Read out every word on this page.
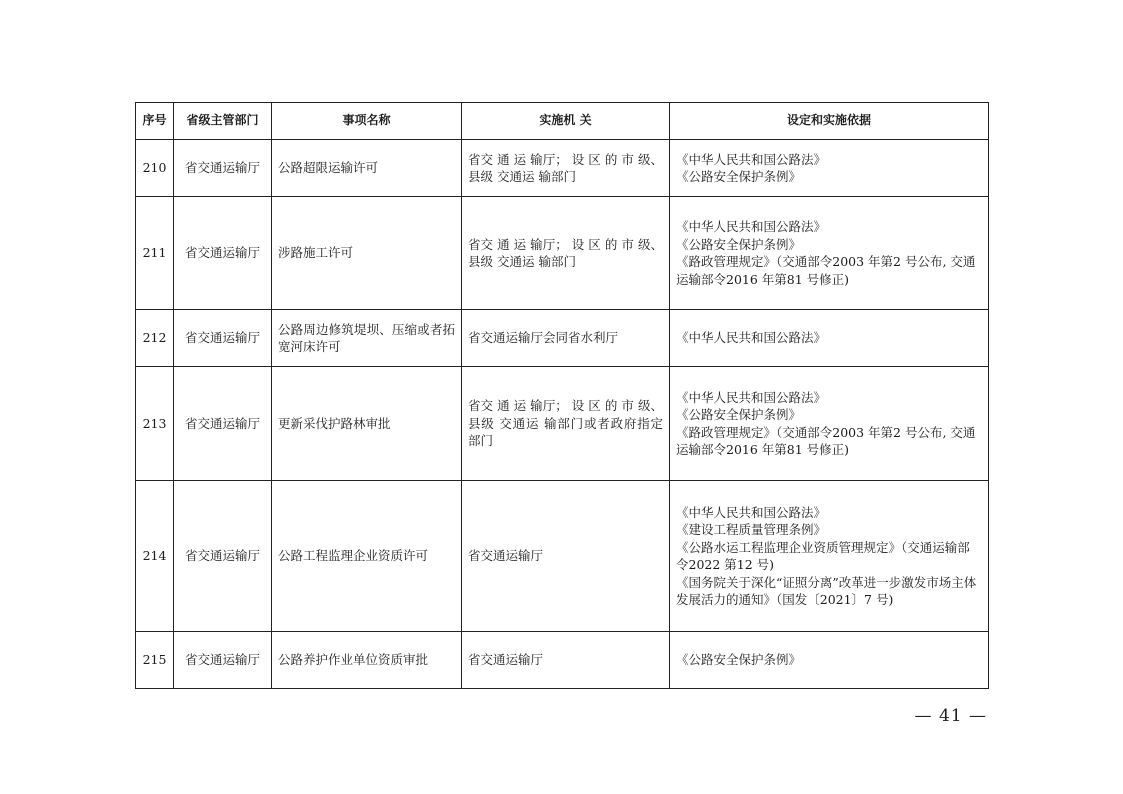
序号	省级主管部门	事项名称	实施机 关	设定和实施依据
210	省交通运输厅	公路超限运输许可	省交 通 运 输厅； 设 区 的 市 级、县级 交通运 输部门	《中华人民共和国公路法》
《公路安全保护条例》

211	省交通运输厅	涉路施工许可	省交 通 运 输厅； 设 区 的 市 级、县级 交通运 输部门	《中华人民共和国公路法》
《公路安全保护条例》
《路政管理规定》（交通部令2003 年第2 号公布, 交通运输部令2016 年第81 号修正)

212	省交通运输厅	公路周边修筑堤坝、压缩或者拓宽河床许可	省交通运输厅会同省水利厅	《中华人民共和国公路法》

213	省交通运输厅	更新采伐护路林审批	省交 通 运 输厅； 设 区 的 市 级、县级 交通运 输部门或者政府指定部门	《中华人民共和国公路法》
《公路安全保护条例》
《路政管理规定》（交通部令2003 年第2 号公布, 交通运输部令2016 年第81 号修正)

214	省交通运输厅	公路工程监理企业资质许可	省交通运输厅	《中华人民共和国公路法》
《建设工程质量管理条例》
《公路水运工程监理企业资质管理规定》（交通运输部令2022 第12 号)
《国务院关于深化“证照分离”改革进一步激发市场主体发展活力的通知》（国发〔2021〕7 号)

215	省交通运输厅	公路养护作业单位资质审批	省交通运输厅	《公路安全保护条例》
— 41 —
